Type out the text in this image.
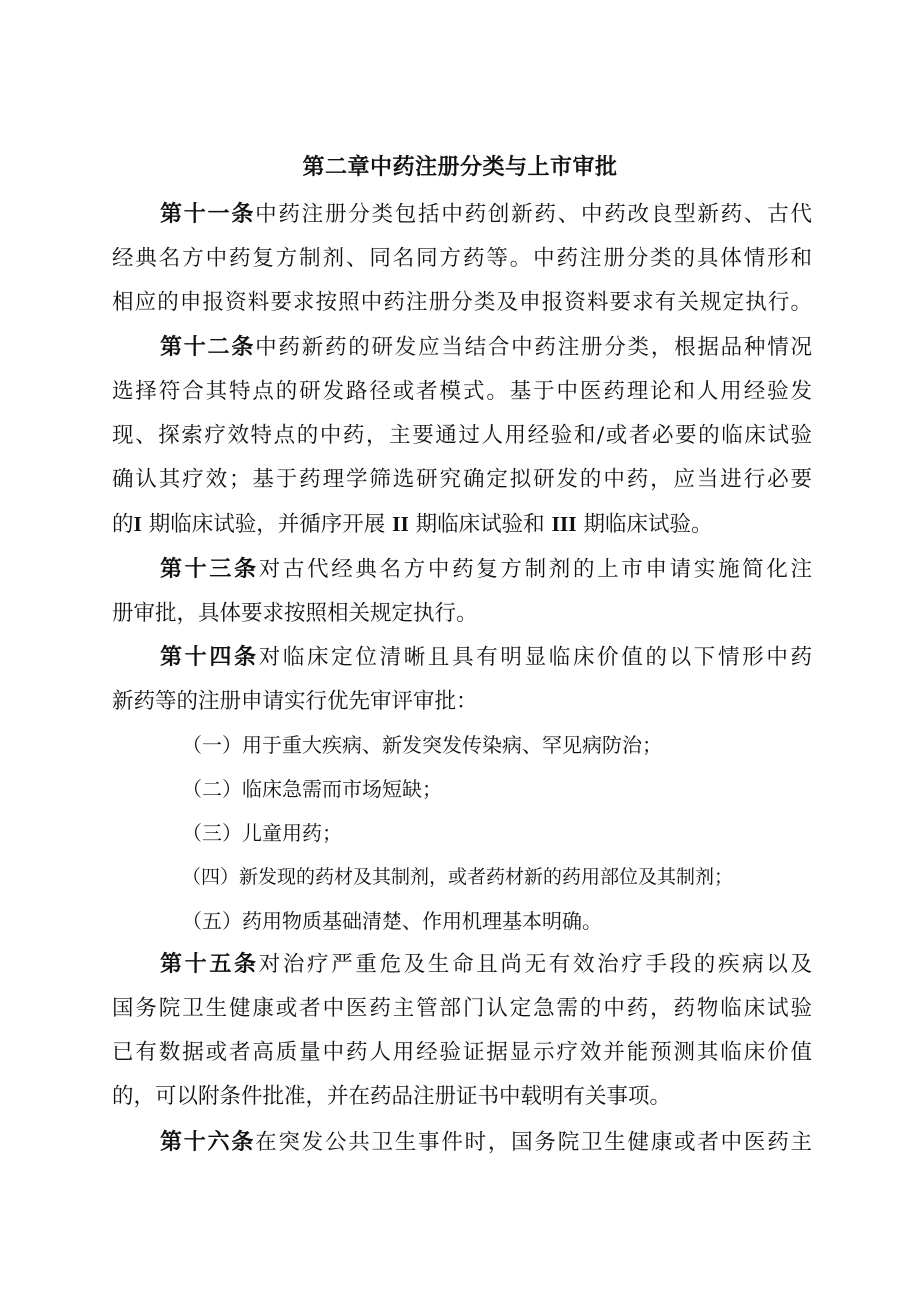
第二章中药注册分类与上市审批
第十一条中药注册分类包括中药创新药、中药改良型新药、古代
经典名方中药复方制剂、同名同方药等。中药注册分类的具体情形和
相应的申报资料要求按照中药注册分类及申报资料要求有关规定执行。
第十二条中药新药的研发应当结合中药注册分类，根据品种情况
选择符合其特点的研发路径或者模式。基于中医药理论和人用经验发
现、探索疗效特点的中药，主要通过人用经验和/或者必要的临床试验
确认其疗效；基于药理学筛选研究确定拟研发的中药，应当进行必要
的I 期临床试验，并循序开展 II 期临床试验和 III 期临床试验。
第十三条对古代经典名方中药复方制剂的上市申请实施简化注
册审批，具体要求按照相关规定执行。
第十四条对临床定位清晰且具有明显临床价值的以下情形中药
新药等的注册申请实行优先审评审批：
（一）用于重大疾病、新发突发传染病、罕见病防治；
（二）临床急需而市场短缺；
（三）儿童用药；
（四）新发现的药材及其制剂，或者药材新的药用部位及其制剂；
（五）药用物质基础清楚、作用机理基本明确。
第十五条对治疗严重危及生命且尚无有效治疗手段的疾病以及
国务院卫生健康或者中医药主管部门认定急需的中药，药物临床试验
已有数据或者高质量中药人用经验证据显示疗效并能预测其临床价值
的，可以附条件批准，并在药品注册证书中载明有关事项。
第十六条在突发公共卫生事件时，国务院卫生健康或者中医药主
